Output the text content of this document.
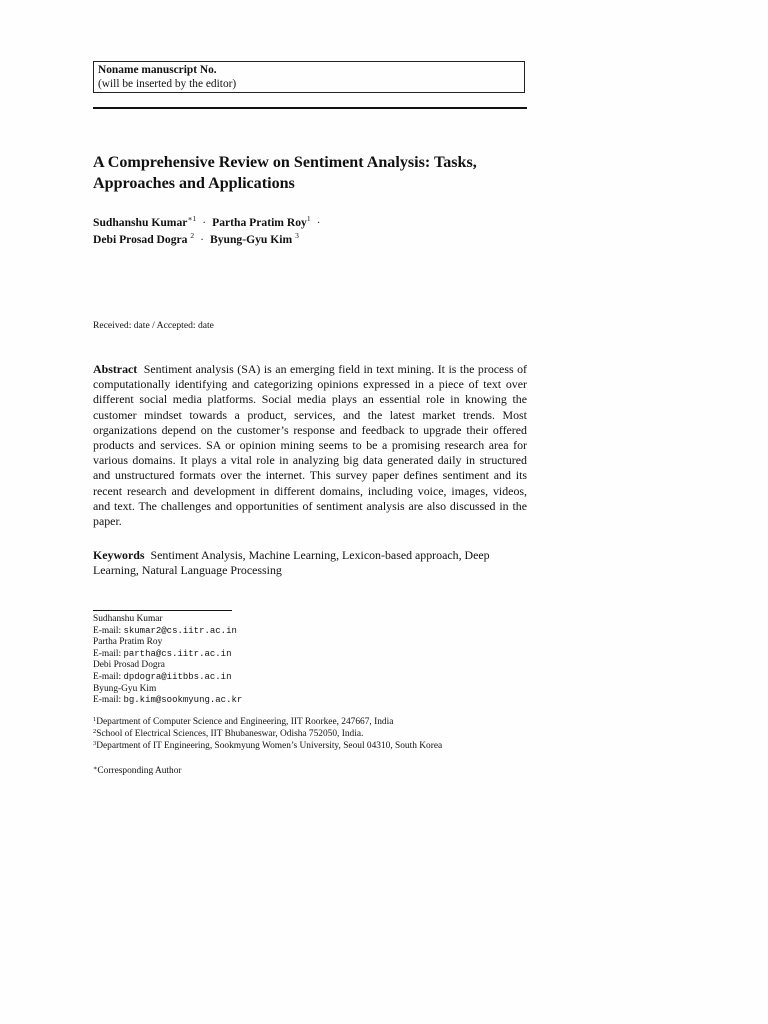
Noname manuscript No.
(will be inserted by the editor)
A Comprehensive Review on Sentiment Analysis: Tasks,
Approaches and Applications
Sudhanshu Kumar$^{∗1}$ · Partha Pratim Roy$^1$ ·
Debi Prosad Dogra $^2$ · Byung-Gyu Kim $^3$
Received: date / Accepted: date
Abstract Sentiment analysis (SA) is an emerging field in text mining. It is the process of computationally identifying and categorizing opinions expressed in a piece of text over different social media platforms. Social media plays an essential role in knowing the customer mindset towards a product, services, and the latest market trends. Most organizations depend on the customer’s response and feedback to upgrade their offered products and services. SA or opinion mining seems to be a promising research area for various domains. It plays a vital role in analyzing big data generated daily in structured and unstructured formats over the internet. This survey paper defines sentiment and its recent research and development in different domains, including voice, images, videos, and text. The challenges and opportunities of sentiment analysis are also discussed in the paper.
Keywords Sentiment Analysis, Machine Learning, Lexicon-based approach, Deep Learning, Natural Language Processing
Sudhanshu Kumar
E-mail: skumar2@cs.iitr.ac.in
Partha Pratim Roy
E-mail: partha@cs.iitr.ac.in
Debi Prosad Dogra
E-mail: dpdogra@iitbbs.ac.in
Byung-Gyu Kim
E-mail: bg.kim@sookmyung.ac.kr
$^1$Department of Computer Science and Engineering, IIT Roorkee, 247667, India
$^2$School of Electrical Sciences, IIT Bhubaneswar, Odisha 752050, India.
$^3$Department of IT Engineering, Sookmyung Women’s University, Seoul 04310, South Korea
∗Corresponding Author
